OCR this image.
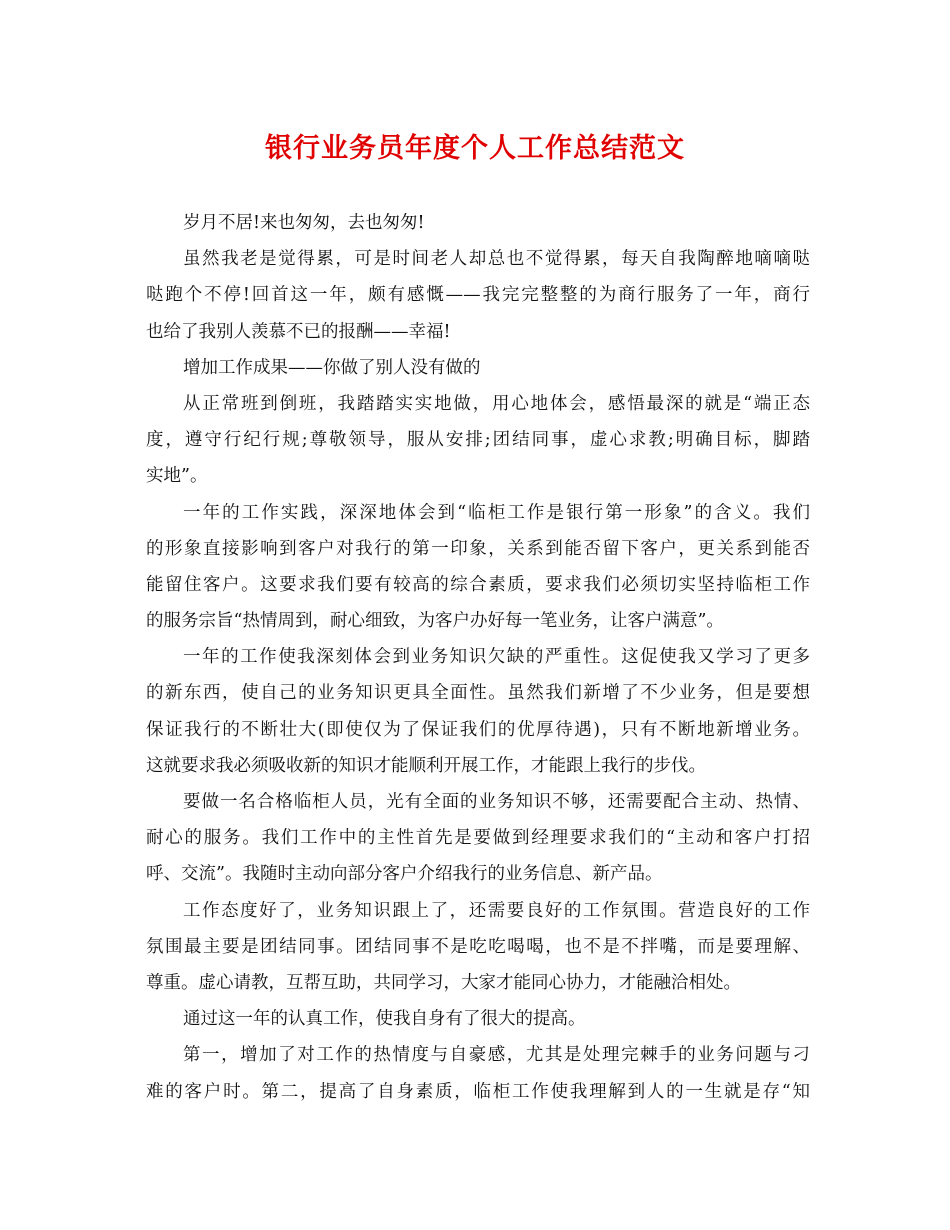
银行业务员年度个人工作总结范文
岁月不居!来也匆匆，去也匆匆!
虽然我老是觉得累，可是时间老人却总也不觉得累，每天自我陶醉地嘀嘀哒
哒跑个不停!回首这一年，颇有感慨——我完完整整的为商行服务了一年，商行
也给了我别人羡慕不已的报酬——幸福!
增加工作成果——你做了别人没有做的
从正常班到倒班，我踏踏实实地做，用心地体会，感悟最深的就是“端正态
度，遵守行纪行规;尊敬领导，服从安排;团结同事，虚心求教;明确目标，脚踏
实地”。
一年的工作实践，深深地体会到“临柜工作是银行第一形象”的含义。我们
的形象直接影响到客户对我行的第一印象，关系到能否留下客户，更关系到能否
能留住客户。这要求我们要有较高的综合素质，要求我们必须切实坚持临柜工作
的服务宗旨“热情周到，耐心细致，为客户办好每一笔业务，让客户满意”。
一年的工作使我深刻体会到业务知识欠缺的严重性。这促使我又学习了更多
的新东西，使自己的业务知识更具全面性。虽然我们新增了不少业务，但是要想
保证我行的不断壮大(即使仅为了保证我们的优厚待遇)，只有不断地新增业务。
这就要求我必须吸收新的知识才能顺利开展工作，才能跟上我行的步伐。
要做一名合格临柜人员，光有全面的业务知识不够，还需要配合主动、热情、
耐心的服务。我们工作中的主性首先是要做到经理要求我们的“主动和客户打招
呼、交流”。我随时主动向部分客户介绍我行的业务信息、新产品。
工作态度好了，业务知识跟上了，还需要良好的工作氛围。营造良好的工作
氛围最主要是团结同事。团结同事不是吃吃喝喝，也不是不拌嘴，而是要理解、
尊重。虚心请教，互帮互助，共同学习，大家才能同心协力，才能融洽相处。
通过这一年的认真工作，使我自身有了很大的提高。
第一，增加了对工作的热情度与自豪感，尤其是处理完棘手的业务问题与刁
难的客户时。第二，提高了自身素质，临柜工作使我理解到人的一生就是存“知
